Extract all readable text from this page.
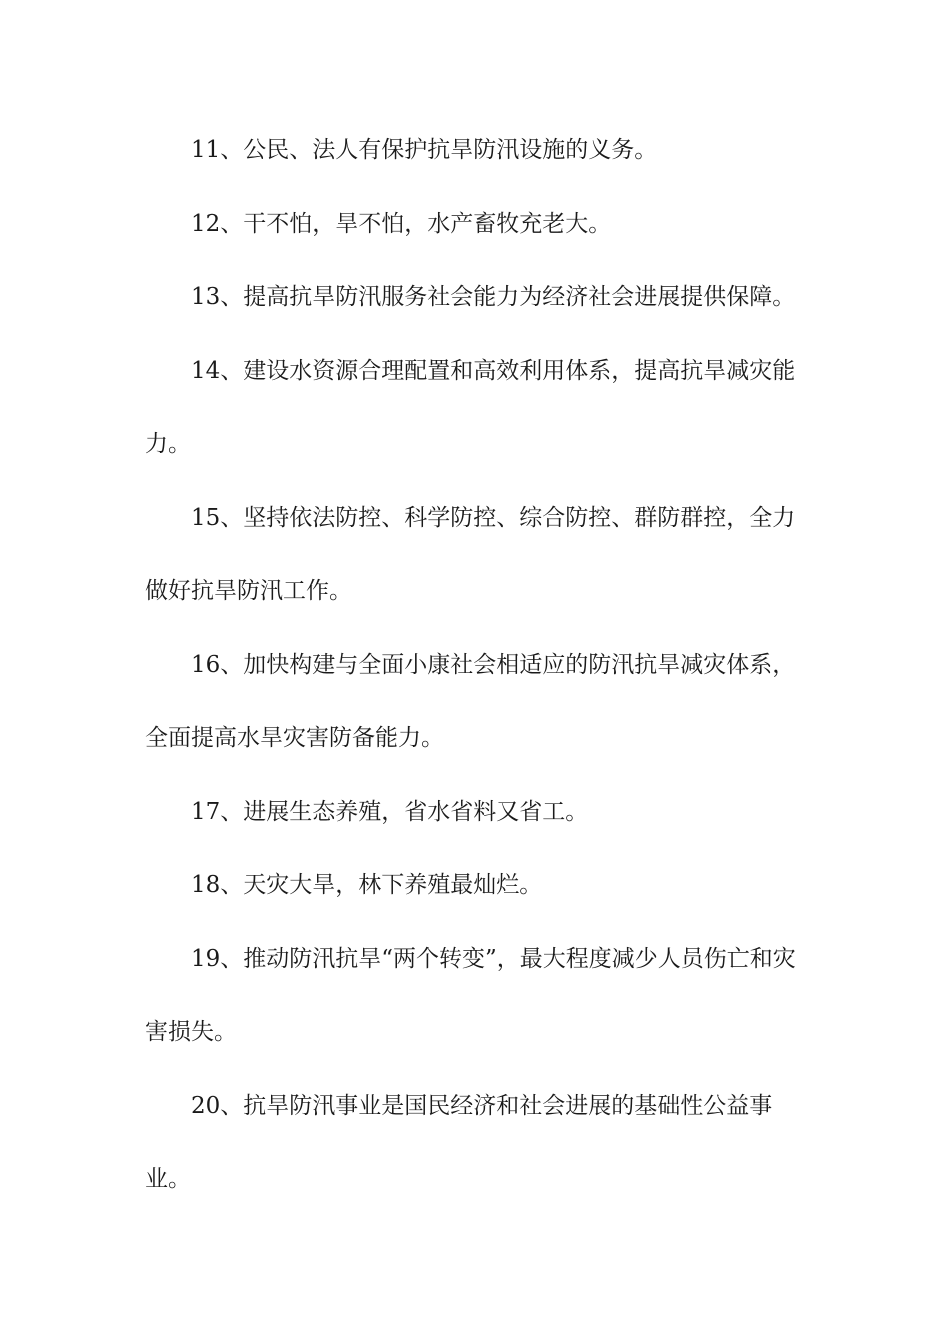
11、公民、法人有保护抗旱防汛设施的义务。

12、干不怕，旱不怕，水产畜牧充老大。

13、提高抗旱防汛服务社会能力为经济社会进展提供保障。

14、建设水资源合理配置和高效利用体系，提高抗旱减灾能力。

15、坚持依法防控、科学防控、综合防控、群防群控，全力做好抗旱防汛工作。

16、加快构建与全面小康社会相适应的防汛抗旱减灾体系，全面提高水旱灾害防备能力。

17、进展生态养殖，省水省料又省工。

18、天灾大旱，林下养殖最灿烂。

19、推动防汛抗旱“两个转变”，最大程度减少人员伤亡和灾害损失。

20、抗旱防汛事业是国民经济和社会进展的基础性公益事业。
